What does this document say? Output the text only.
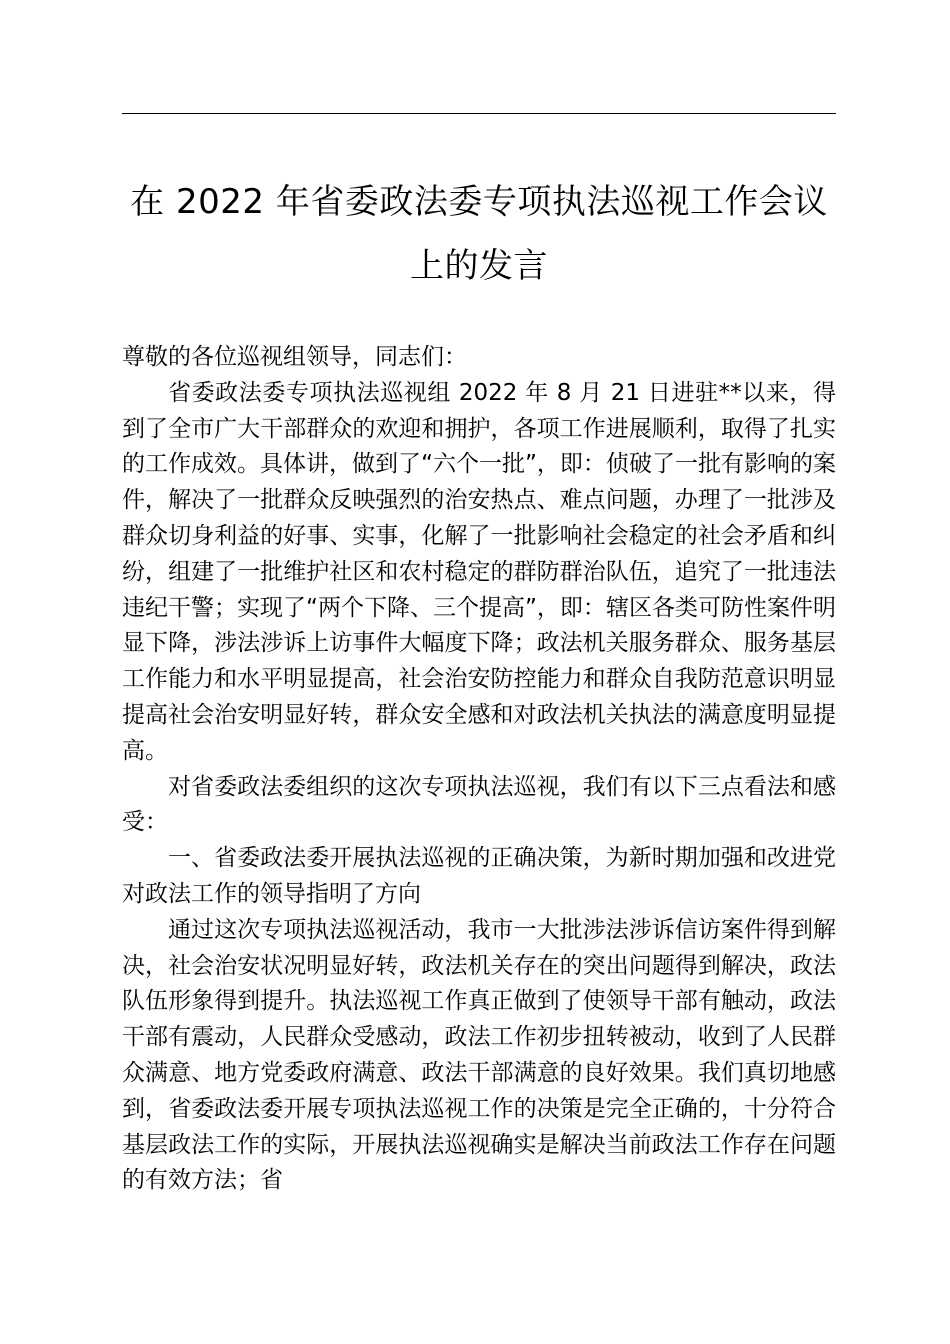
在 2022 年省委政法委专项执法巡视工作会议
上的发言

尊敬的各位巡视组领导，同志们：

省委政法委专项执法巡视组 2022 年 8 月 21 日进驻**以来，得到了全市广大干部群众的欢迎和拥护，各项工作进展顺利，取得了扎实的工作成效。具体讲，做到了“六个一批”，即：侦破了一批有影响的案件，解决了一批群众反映强烈的治安热点、难点问题，办理了一批涉及群众切身利益的好事、实事，化解了一批影响社会稳定的社会矛盾和纠纷，组建了一批维护社区和农村稳定的群防群治队伍，追究了一批违法违纪干警；实现了“两个下降、三个提高”，即：辖区各类可防性案件明显下降，涉法涉诉上访事件大幅度下降；政法机关服务群众、服务基层工作能力和水平明显提高，社会治安防控能力和群众自我防范意识明显提高社会治安明显好转，群众安全感和对政法机关执法的满意度明显提高。

对省委政法委组织的这次专项执法巡视，我们有以下三点看法和感受：

一、省委政法委开展执法巡视的正确决策，为新时期加强和改进党对政法工作的领导指明了方向

通过这次专项执法巡视活动，我市一大批涉法涉诉信访案件得到解决，社会治安状况明显好转，政法机关存在的突出问题得到解决，政法队伍形象得到提升。执法巡视工作真正做到了使领导干部有触动，政法干部有震动，人民群众受感动，政法工作初步扭转被动，收到了人民群众满意、地方党委政府满意、政法干部满意的良好效果。我们真切地感到，省委政法委开展专项执法巡视工作的决策是完全正确的，十分符合基层政法工作的实际，开展执法巡视确实是解决当前政法工作存在问题的有效方法；省
